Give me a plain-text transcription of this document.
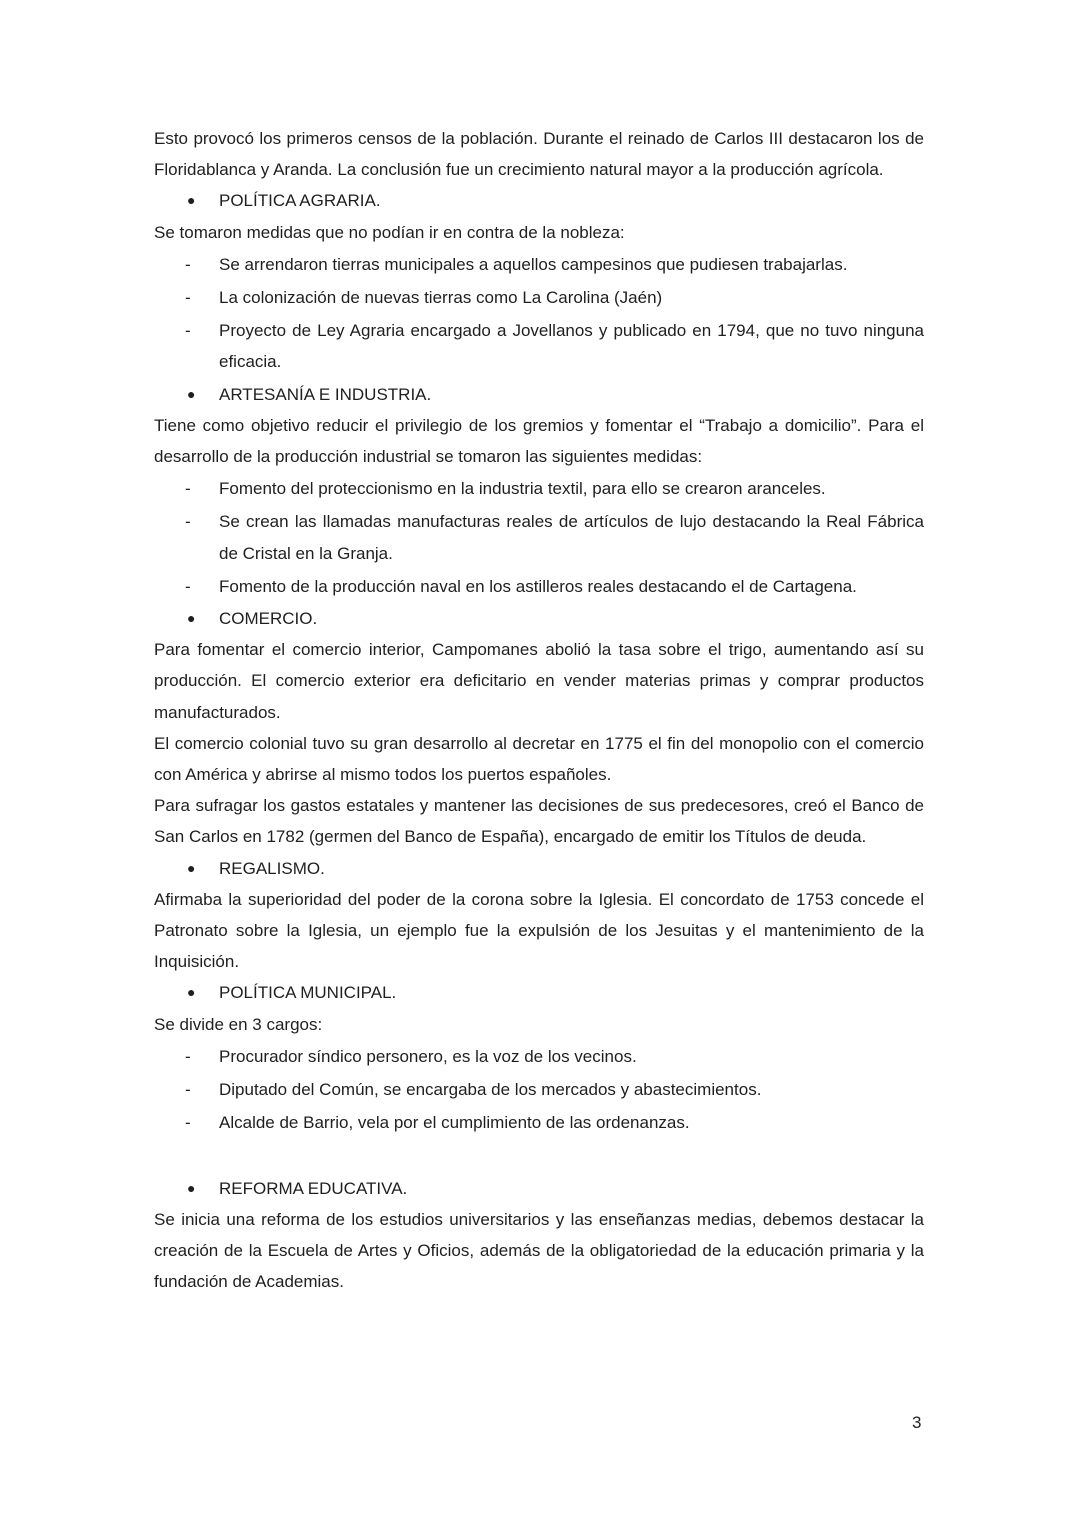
Esto provocó los primeros censos de la población. Durante el reinado de Carlos III destacaron los de Floridablanca y Aranda. La conclusión fue un crecimiento natural mayor a la producción agrícola.
● POLÍTICA AGRARIA.
Se tomaron medidas que no podían ir en contra de la nobleza:
- Se arrendaron tierras municipales a aquellos campesinos que pudiesen trabajarlas.
- La colonización de nuevas tierras como La Carolina (Jaén)
- Proyecto de Ley Agraria encargado a Jovellanos y publicado en 1794, que no tuvo ninguna eficacia.
● ARTESANÍA E INDUSTRIA.
Tiene como objetivo reducir el privilegio de los gremios y fomentar el “Trabajo a domicilio”. Para el desarrollo de la producción industrial se tomaron las siguientes medidas:
- Fomento del proteccionismo en la industria textil, para ello se crearon aranceles.
- Se crean las llamadas manufacturas reales de artículos de lujo destacando la Real Fábrica de Cristal en la Granja.
- Fomento de la producción naval en los astilleros reales destacando el de Cartagena.
● COMERCIO.
Para fomentar el comercio interior, Campomanes abolió la tasa sobre el trigo, aumentando así su producción. El comercio exterior era deficitario en vender materias primas y comprar productos manufacturados.
El comercio colonial tuvo su gran desarrollo al decretar en 1775 el fin del monopolio con el comercio con América y abrirse al mismo todos los puertos españoles.
Para sufragar los gastos estatales y mantener las decisiones de sus predecesores, creó el Banco de San Carlos en 1782 (germen del Banco de España), encargado de emitir los Títulos de deuda.
● REGALISMO.
Afirmaba la superioridad del poder de la corona sobre la Iglesia. El concordato de 1753 concede el Patronato sobre la Iglesia, un ejemplo fue la expulsión de los Jesuitas y el mantenimiento de la Inquisición.
● POLÍTICA MUNICIPAL.
Se divide en 3 cargos:
- Procurador síndico personero, es la voz de los vecinos.
- Diputado del Común, se encargaba de los mercados y abastecimientos.
- Alcalde de Barrio, vela por el cumplimiento de las ordenanzas.
● REFORMA EDUCATIVA.
Se inicia una reforma de los estudios universitarios y las enseñanzas medias, debemos destacar la creación de la Escuela de Artes y Oficios, además de la obligatoriedad de la educación primaria y la fundación de Academias.
3
